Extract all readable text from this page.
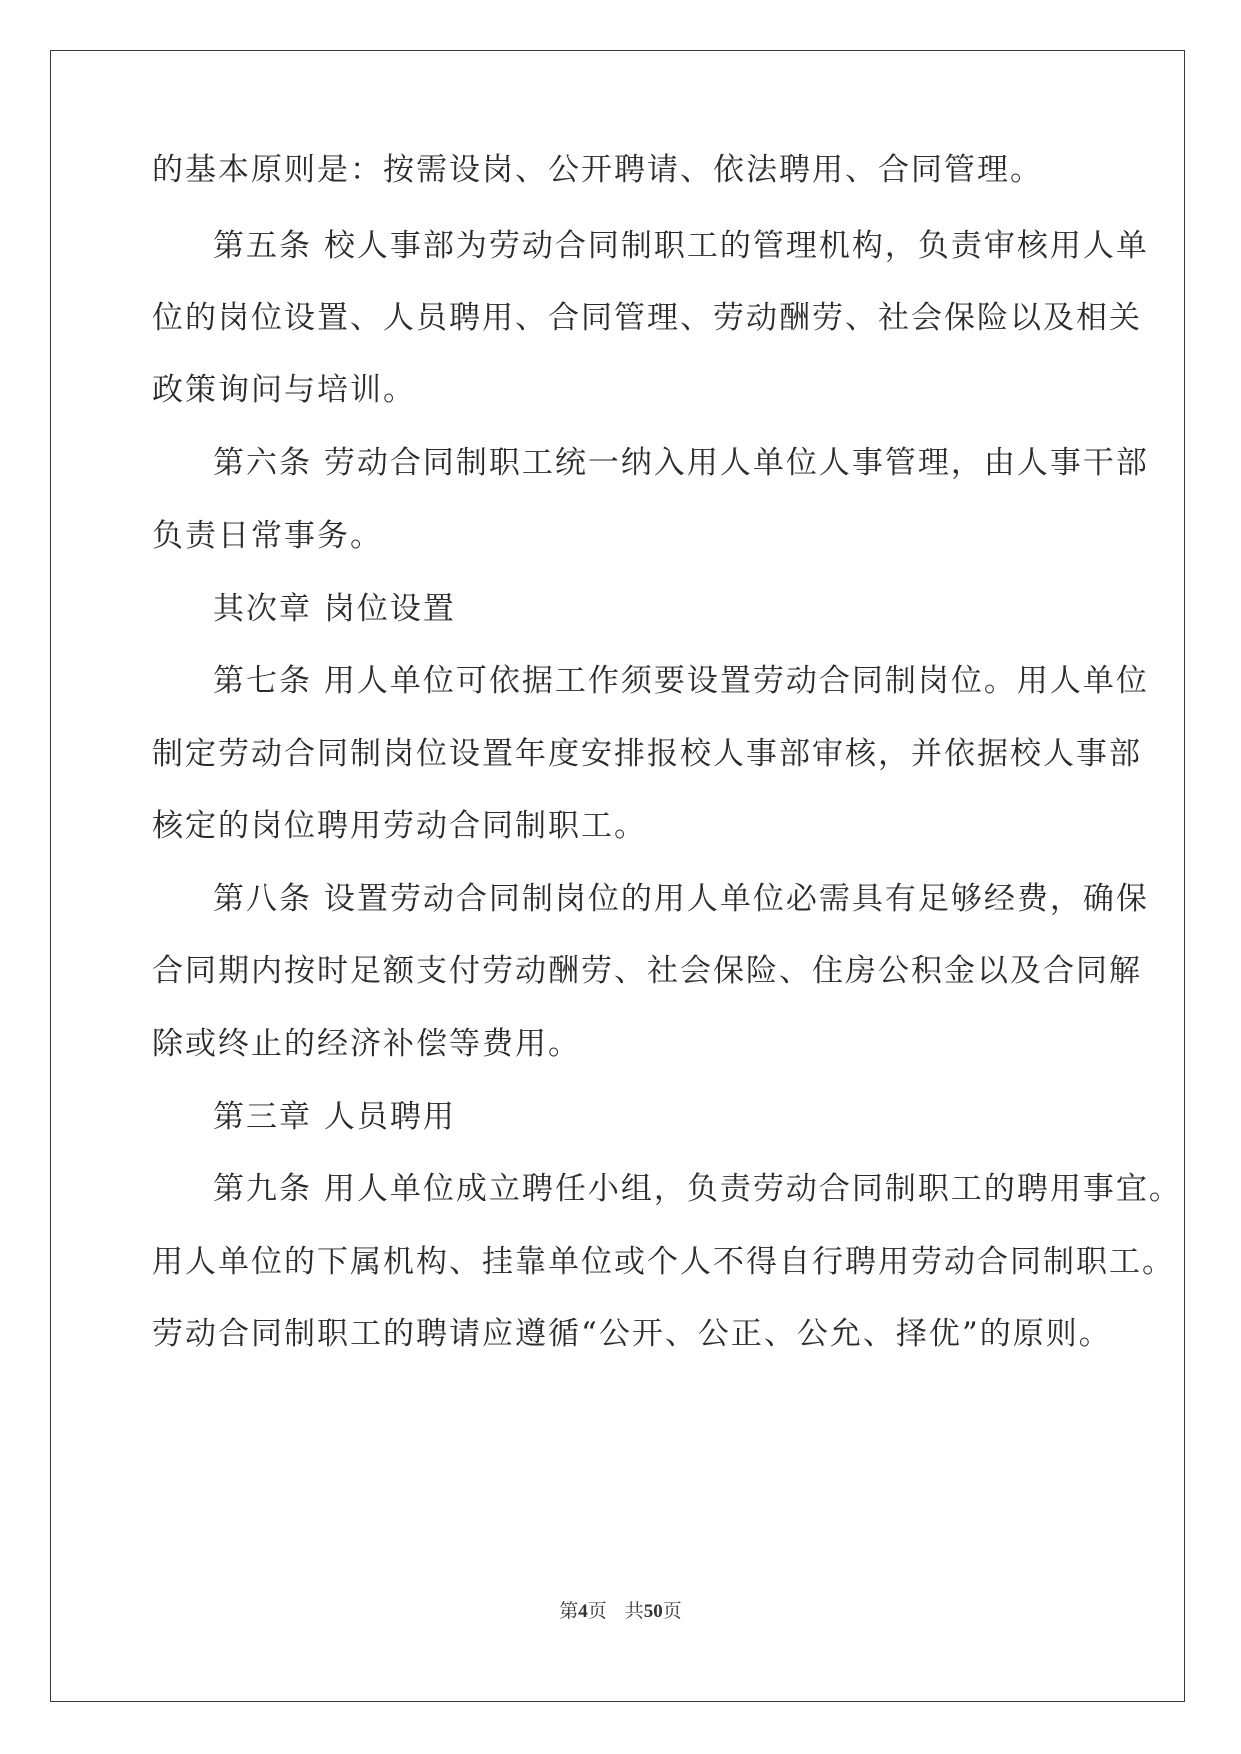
的基本原则是：按需设岗、公开聘请、依法聘用、合同管理。
第五条 校人事部为劳动合同制职工的管理机构，负责审核用人单
位的岗位设置、人员聘用、合同管理、劳动酬劳、社会保险以及相关
政策询问与培训。
第六条 劳动合同制职工统一纳入用人单位人事管理，由人事干部
负责日常事务。
其次章 岗位设置
第七条 用人单位可依据工作须要设置劳动合同制岗位。用人单位
制定劳动合同制岗位设置年度安排报校人事部审核，并依据校人事部
核定的岗位聘用劳动合同制职工。
第八条 设置劳动合同制岗位的用人单位必需具有足够经费，确保
合同期内按时足额支付劳动酬劳、社会保险、住房公积金以及合同解
除或终止的经济补偿等费用。
第三章 人员聘用
第九条 用人单位成立聘任小组，负责劳动合同制职工的聘用事宜。
用人单位的下属机构、挂靠单位或个人不得自行聘用劳动合同制职工。
劳动合同制职工的聘请应遵循“公开、公正、公允、择优”的原则。
第4页 共50页
